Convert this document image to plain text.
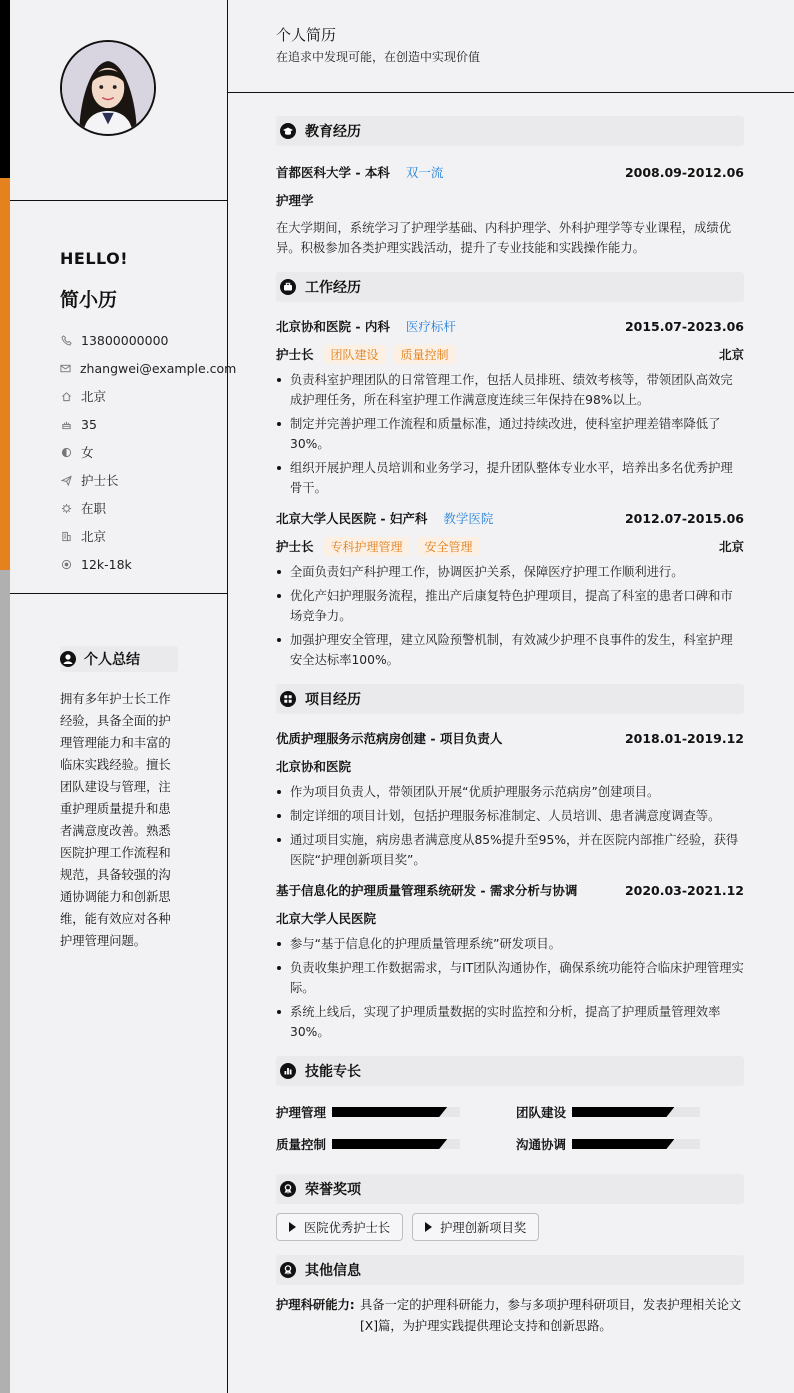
HELLO!
简小历
13800000000
zhangwei@example.com
北京
35
女
护士长
在职
北京
12k-18k
个人总结

拥有多年护士长工作经验，具备全面的护理管理能力和丰富的临床实践经验。擅长团队建设与管理，注重护理质量提升和患者满意度改善。熟悉医院护理工作流程和规范，具备较强的沟通协调能力和创新思维，能有效应对各种护理管理问题。

个人简历
在追求中发现可能，在创造中实现价值
教育经历
首都医科大学 - 本科 双一流	2008.09-2012.06
护理学

在大学期间，系统学习了护理学基础、内科护理学、外科护理学等专业课程，成绩优异。积极参加各类护理实践活动，提升了专业技能和实践操作能力。

工作经历
北京协和医院 - 内科 医疗标杆	2015.07-2023.06
护士长	团队建设	质量控制	北京
负责科室护理团队的日常管理工作，包括人员排班、绩效考核等，带领团队高效完成护理任务，所在科室护理工作满意度连续三年保持在98%以上。
制定并完善护理工作流程和质量标准，通过持续改进，使科室护理差错率降低了30%。
组织开展护理人员培训和业务学习，提升团队整体专业水平，培养出多名优秀护理骨干。
北京大学人民医院 - 妇产科 教学医院	2012.07-2015.06
护士长	专科护理管理	安全管理	北京
全面负责妇产科护理工作，协调医护关系，保障医疗护理工作顺利进行。
优化产妇护理服务流程，推出产后康复特色护理项目，提高了科室的患者口碑和市场竞争力。
加强护理安全管理，建立风险预警机制，有效减少护理不良事件的发生，科室护理安全达标率100%。
项目经历
优质护理服务示范病房创建 - 项目负责人	2018.01-2019.12
北京协和医院
作为项目负责人，带领团队开展“优质护理服务示范病房”创建项目。
制定详细的项目计划，包括护理服务标准制定、人员培训、患者满意度调查等。
通过项目实施，病房患者满意度从85%提升至95%，并在医院内部推广经验，获得医院“护理创新项目奖”。
基于信息化的护理质量管理系统研发 - 需求分析与协调	2020.03-2021.12
北京大学人民医院
参与“基于信息化的护理质量管理系统”研发项目。
负责收集护理工作数据需求，与IT团队沟通协作，确保系统功能符合临床护理管理实际。
系统上线后，实现了护理质量数据的实时监控和分析，提高了护理质量管理效率30%。
技能专长
护理管理	团队建设
质量控制	沟通协调
荣誉奖项
医院优秀护士长	护理创新项目奖
其他信息
护理科研能力: 具备一定的护理科研能力，参与多项护理科研项目，发表护理相关论文[X]篇，为护理实践提供理论支持和创新思路。
